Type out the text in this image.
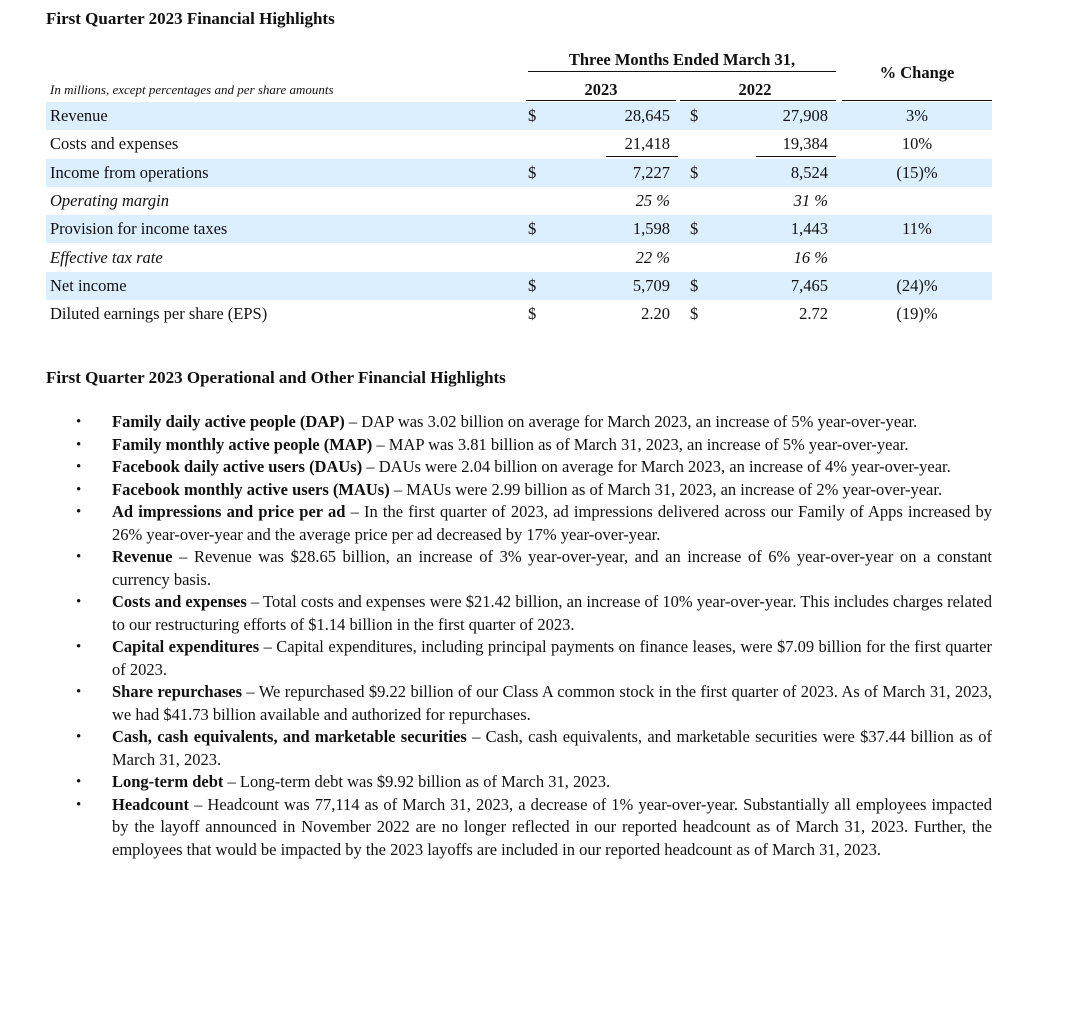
First Quarter 2023 Financial Highlights
Three Months Ended March 31,
% Change
2023	2022
In millions, except percentages and per share amounts
Revenue	$	28,645 $	27,908	3%
Costs and expenses	21,418	19,384	10%
Income from operations	$	7,227 $	8,524	(15)%
Operating margin	25 %	31 %
Provision for income taxes	$	1,598 $	1,443	11%
Effective tax rate	22 %	16 %
Net income	$	5,709 $	7,465	(24)%
Diluted earnings per share (EPS)	$	2.20 $	2.72	(19)%
First Quarter 2023 Operational and Other Financial Highlights
• Family daily active people (DAP) – DAP was 3.02 billion on average for March 2023, an increase of 5% year-over-year.
• Family monthly active people (MAP) – MAP was 3.81 billion as of March 31, 2023, an increase of 5% year-over-year.
• Facebook daily active users (DAUs) – DAUs were 2.04 billion on average for March 2023, an increase of 4% year-over-year.
• Facebook monthly active users (MAUs) – MAUs were 2.99 billion as of March 31, 2023, an increase of 2% year-over-year.
• Ad impressions and price per ad – In the first quarter of 2023, ad impressions delivered across our Family of Apps increased by 26% year-over-year and the average price per ad decreased by 17% year-over-year.
• Revenue – Revenue was $28.65 billion, an increase of 3% year-over-year, and an increase of 6% year-over-year on a constant currency basis.
• Costs and expenses – Total costs and expenses were $21.42 billion, an increase of 10% year-over-year. This includes charges related to our restructuring efforts of $1.14 billion in the first quarter of 2023.
• Capital expenditures – Capital expenditures, including principal payments on finance leases, were $7.09 billion for the first quarter of 2023.
• Share repurchases – We repurchased $9.22 billion of our Class A common stock in the first quarter of 2023. As of March 31, 2023, we had $41.73 billion available and authorized for repurchases.
• Cash, cash equivalents, and marketable securities – Cash, cash equivalents, and marketable securities were $37.44 billion as of March 31, 2023.
• Long-term debt – Long-term debt was $9.92 billion as of March 31, 2023.
• Headcount – Headcount was 77,114 as of March 31, 2023, a decrease of 1% year-over-year. Substantially all employees impacted by the layoff announced in November 2022 are no longer reflected in our reported headcount as of March 31, 2023. Further, the employees that would be impacted by the 2023 layoffs are included in our reported headcount as of March 31, 2023.
